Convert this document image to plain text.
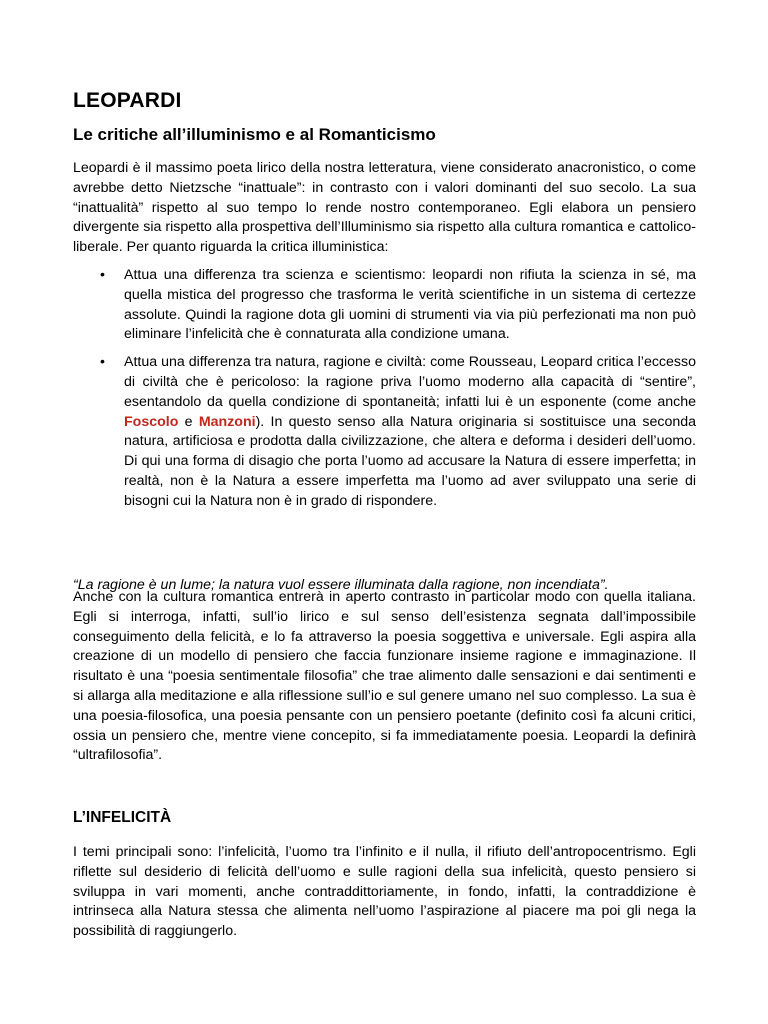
LEOPARDI
Le critiche all’illuminismo e al Romanticismo

Leopardi è il massimo poeta lirico della nostra letteratura, viene considerato anacronistico, o come avrebbe detto Nietzsche “inattuale”: in contrasto con i valori dominanti del suo secolo. La sua “inattualità” rispetto al suo tempo lo rende nostro contemporaneo. Egli elabora un pensiero divergente sia rispetto alla prospettiva dell’Illuminismo sia rispetto alla cultura romantica e cattolico-liberale. Per quanto riguarda la critica illuministica:

• Attua una differenza tra scienza e scientismo: leopardi non rifiuta la scienza in sé, ma quella mistica del progresso che trasforma le verità scientifiche in un sistema di certezze assolute. Quindi la ragione dota gli uomini di strumenti via via più perfezionati ma non può eliminare l’infelicità che è connaturata alla condizione umana.
• Attua una differenza tra natura, ragione e civiltà: come Rousseau, Leopard critica l’eccesso di civiltà che è pericoloso: la ragione priva l’uomo moderno alla capacità di “sentire”, esentandolo da quella condizione di spontaneità; infatti lui è un esponente (come anche Foscolo e Manzoni). In questo senso alla Natura originaria si sostituisce una seconda natura, artificiosa e prodotta dalla civilizzazione, che altera e deforma i desideri dell’uomo. Di qui una forma di disagio che porta l’uomo ad accusare la Natura di essere imperfetta; in realtà, non è la Natura a essere imperfetta ma l’uomo ad aver sviluppato una serie di bisogni cui la Natura non è in grado di rispondere.

“La ragione è un lume; la natura vuol essere illuminata dalla ragione, non incendiata”.

Anche con la cultura romantica entrerà in aperto contrasto in particolar modo con quella italiana. Egli si interroga, infatti, sull’io lirico e sul senso dell’esistenza segnata dall’impossibile conseguimento della felicità, e lo fa attraverso la poesia soggettiva e universale. Egli aspira alla creazione di un modello di pensiero che faccia funzionare insieme ragione e immaginazione. Il risultato è una “poesia sentimentale filosofia” che trae alimento dalle sensazioni e dai sentimenti e si allarga alla meditazione e alla riflessione sull’io e sul genere umano nel suo complesso. La sua è una poesia-filosofica, una poesia pensante con un pensiero poetante (definito così fa alcuni critici, ossia un pensiero che, mentre viene concepito, si fa immediatamente poesia. Leopardi la definirà “ultrafilosofia”.

L’INFELICITÀ

I temi principali sono: l’infelicità, l’uomo tra l’infinito e il nulla, il rifiuto dell’antropocentrismo. Egli riflette sul desiderio di felicità dell’uomo e sulle ragioni della sua infelicità, questo pensiero si sviluppa in vari momenti, anche contraddittoriamente, in fondo, infatti, la contraddizione è intrinseca alla Natura stessa che alimenta nell’uomo l’aspirazione al piacere ma poi gli nega la possibilità di raggiungerlo.
